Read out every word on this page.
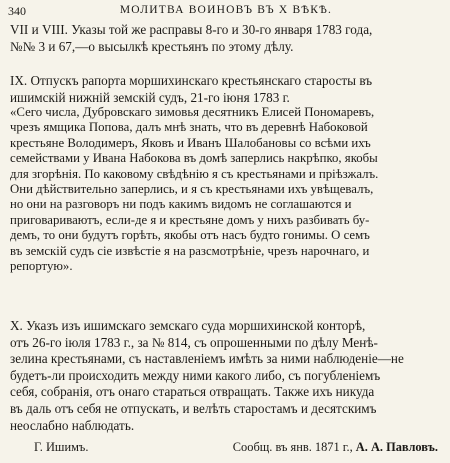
340	МОЛИТВА ВОИНОВЪ ВЪ X ВѢКѢ.

VII и VIII. Указы той же расправы 8-го и 30-го января 1783 года,
№№ 3 и 67,—о высылкѣ крестьянъ по этому дѣлу.

IX. Отпускъ рапорта моршихинскаго крестьянскаго старосты въ
ишимскій нижній земскій судъ, 21-го іюня 1783 г.

«Сего числа, Дубровскаго зимовья десятникъ Елисей Пономаревъ,
чрезъ ямщика Попова, далъ мнѣ знать, что въ деревнѣ Набоковой
крестьяне Володимеръ, Яковъ и Иванъ Шалобановы со всѣми ихъ
семействами у Ивана Набокова въ домѣ заперлись накрѣпко, якобы
для згорѣнія. По каковому свѣдѣнію я съ крестьянами и пріѣзжалъ.
Они дѣйствительно заперлись, и я съ крестьянами ихъ увѣщевалъ,
но они на разговоръ ни подъ какимъ видомъ не соглашаются и
приговариваютъ, если-де я и крестьяне домъ у нихъ разбивать бу-
демъ, то они будутъ горѣть, якобы отъ насъ будто гонимы. О семъ
въ земскій судъ сіе извѣстіе я на разсмотрѣніе, чрезъ нарочнаго, и
репортую».

X. Указъ изъ ишимскаго земскаго суда моршихинской конторѣ,
отъ 26-го іюля 1783 г., за № 814, съ опрошенными по дѣлу Менѣ-
зелина крестьянами, съ наставленіемъ имѣть за ними наблюденіе—не
будетъ-ли происходить между ними какого либо, съ погубленіемъ
себя, собранія, отъ онаго стараться отвращать. Также ихъ никуда
въ даль отъ себя не отпускать, и велѣть старостамъ и десятскимъ
неослабно наблюдать.

Г. Ишимъ.	Сообщ. въ янв. 1871 г., А. А. Павловъ.
